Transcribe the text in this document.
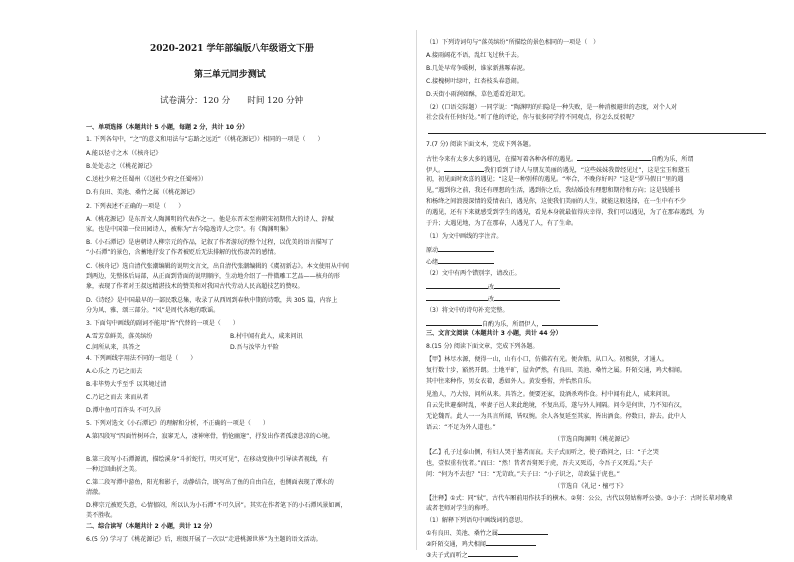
2020-2021 学年部编版八年级语文下册
第三单元同步测试
试卷满分：120 分　　时间 120 分钟
一、单项选择（本题共计 5 小题，每题 2 分，共计 10 分）
1. 下列各句中，“之”的意义和用法与“忘路之远近”（《桃花源记》）相同的一项是（　　）
A.能以径寸之木（《核舟记》
B.处处志之（《桃花源记》
C.送杜少府之任蜀州（《送杜少府之任蜀州》）
D.有良田、美池、桑竹之属（《桃花源记》
2. 下列表述不正确的一项是（　　）
A.《桃花源记》是东晋文人陶渊明的代表作之一。他是东晋末至南朝宋初期伟大的诗人、辞赋
家。也是中国第一位田园诗人，被称为“古今隐逸诗人之宗”。有《陶渊明集》
B.《小石潭记》是唐朝诗人柳宗元的作品，记叙了作者游玩的整个过程，以优美的语言描写了
“小石潭”的景色，含蓄地抒发了作者被贬后无法排解的忧伤凄苦的感情。
C.《核舟记》选自清代张潮编辑的说明文言文，出自清代张潮编辑的《虞初新志》。本文使用从中间
到两边，先整体后局部，从正面到背面的说明顺序，生动地介绍了一件微雕工艺品——核舟的形
象，表现了作者对王叔远精湛技术的赞美和对我国古代劳动人民高超技艺的赞叹。
D.《诗经》是中国最早的一部民歌总集，收录了从西周到春秋中期的诗歌，共 305 篇，内容上
分为风、雅、颂三部分。“风”是周代各地的歌谣。
3. 下面句中画线的副词不能用“皆”代替的一项是（　　）
A.雪芳草鲜美，落英缤纷	B.村中闻有此人，咸来问讯
C.问所从来，具答之	D.吾与汝毕力平险
4. 下列画线字用法不同的一组是（　　）
A.心乐之 乃记之而去
B.非毕势大乎至乎 以其境过清
C.乃记之而去 来而从者
D.潭中鱼可百许头 不可久居
5. 下列对选文《小石潭记》的理解和分析，不正确的一项是（　　）
A.第四段写“四面竹树环合，寂寥无人，凄神寒骨，悄怆幽邃”，抒发出作者孤凄悲凉的心境。
B.第三段写小石潭源流，描绘溪身“斗折蛇行，明灭可见”，在移动变换中引导读者视线，有
一种迂回曲折之美。
C.第二段写潭中游鱼，阳光和影子，动静结合，既写出了鱼的自由自在，也侧面表现了潭水的
清澈。
D.柳宗元被贬失意，心情郁闷，所以认为小石潭“不可久居”。其实在作者笔下的小石潭风景如画，
美不胜收。
二、综合读写（本题共计 2 小题，共计 12 分）
6.(5 分) 学习了《桃花源记》后，班级开展了一次以“走进桃源世界”为主题的语文活动。
（1）下列诗词句与“落英缤纷”所描绘的景色相同的一项是（　）
A.接雨阔花不语，乱红飞过秋千去。
B.几处早莺争暖树，谁家新燕啄春泥。
C.接槐树叶绿叶，红杏枝头春意闹。
D.天街小雨润如酥，草色遥看近却无。
（2）(口语交际题）一同学说：“陶渊明的归隐是一种失败，是一种消极避世的态度，对个人对
社会没有任何好处。”听了他的评论，你与很多同学持不同观点，你怎么反驳呢？
7.(7 分) 阅读下面文本，完成下列各题。
古往今来有太多大多的遇见，在描写着各种各样的遇见。	自酌为乐，所谓
伊人。	我们看到了诗人与朋友美丽的遇见，“这些妹妹我曾经见过”，这是宝玉和黛玉
初，初见面时欢喜的遇见；“这是一种别样的遇见。“率合，不晚你好吗？”这是“罗马假日”里的遇
见，”遇到你之前，我还有理想的生活，遇到你之后，我结婚没有理想和期待和方向；这是钱锺书
和杨绛之间浪漫深情的爱情表白，遇见你，这使我们美丽的人生，就能这般选择，在一生中有不少
的遇见，还有下来就感受到学生的遇见，看见本身就最值得庆幸得，我们可以遇见，为了在那春遇到，为
于升；大遇见地，为了在那春，人遇见了人，有了生命。
（1）为文中画线的字注音。
原动
心绪
（2）文中有两个错别字，请改正。
改
改
（3）将文中的诗句补充完整。
自酌为乐，所谓伊人，
三、文言文阅读（本题共计 3 小题，共计 44 分）
8.(15 分) 阅读下面文章，完成下列各题。
【甲】林尽水源，便得一山，山有小口，仿佛若有光。便舍船，从口入。初极狭，才通人。
复行数十步，豁然开朗。土地平旷，屋舍俨然，有良田、美池、桑竹之属。阡陌交通，鸡犬相闻。
其中往来种作，男女衣着，悉如外人。黄发垂髫，并怡然自乐。
见渔人，乃大惊，问所从来。具答之。便要还家，设酒杀鸡作食。村中闻有此人，咸来问讯。
自云先世避秦时乱，率妻子邑人来此绝境，不复出焉，遂与外人间隔。问今是何世，乃不知有汉，
无论魏晋。此人一一为具言所闻，皆叹惋。余人各复延至其家，皆出酒食。停数日，辞去。此中人
语云：“不足为外人道也。”
（节选自陶渊明《桃花源记》
【乙】孔子过泰山侧，有妇人哭于墓者而哀。夫子式而听之，使子路问之，曰：“子之哭
也，壹似重有忧者。”而曰：“然！昔者吾舅死于虎，吾夫又死焉，今吾子又死焉。”夫子
问：“何为不去也？”曰：“无苛政。”夫子曰：“小子识之，苛政猛于虎也。”
（节选自《礼记・檀弓下》
【注释】①式：同“轼”，古代车厢前用作扶手的横木。②舅：公公，古代以舅姑称呼公婆。③小子：古时长辈对晚辈
或者老师对学生的称呼。
（1）解释下列语句中画线词的意思。
①有良田、美池、桑竹之属
②阡陌交通，鸡犬相闻
③夫子式而听之
